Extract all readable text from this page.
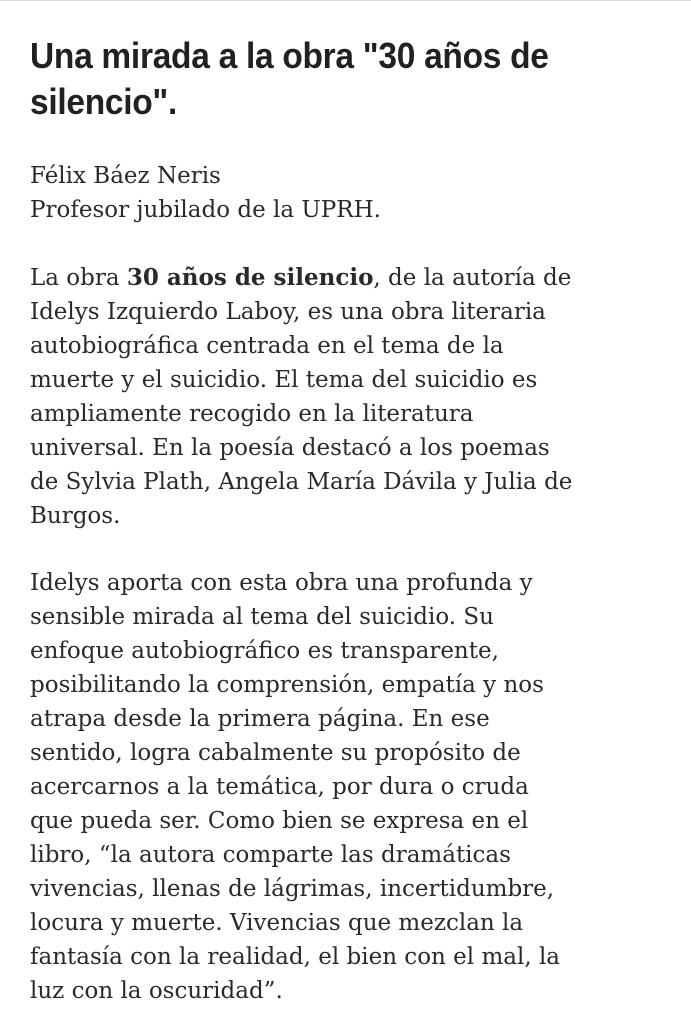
Una mirada a la obra "30 años de
silencio".
Félix Báez Neris
Profesor jubilado de la UPRH.
La obra 30 años de silencio, de la autoría de
Idelys Izquierdo Laboy, es una obra literaria
autobiográfica centrada en el tema de la
muerte y el suicidio. El tema del suicidio es
ampliamente recogido en la literatura
universal. En la poesía destacó a los poemas
de Sylvia Plath, Angela María Dávila y Julia de
Burgos.
Idelys aporta con esta obra una profunda y
sensible mirada al tema del suicidio. Su
enfoque autobiográfico es transparente,
posibilitando la comprensión, empatía y nos
atrapa desde la primera página. En ese
sentido, logra cabalmente su propósito de
acercarnos a la temática, por dura o cruda
que pueda ser. Como bien se expresa en el
libro, “la autora comparte las dramáticas
vivencias, llenas de lágrimas, incertidumbre,
locura y muerte. Vivencias que mezclan la
fantasía con la realidad, el bien con el mal, la
luz con la oscuridad”.
